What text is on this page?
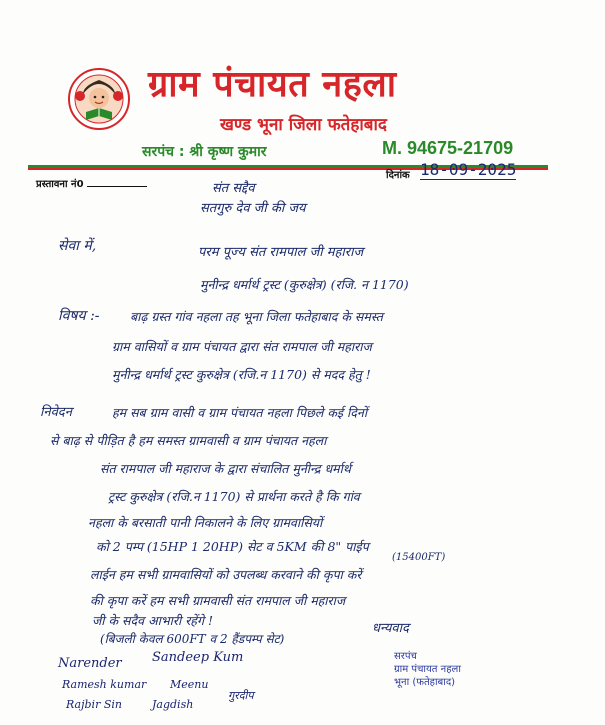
ग्राम पंचायत नहला
खण्ड भूना जिला फतेहाबाद
सरपंच : श्री कृष्ण कुमार	M. 94675-21709
प्रस्तावना नं0
दिनांक 18-09-2025
संत सद्दैव
सतगुरु देव जी की जय
सेवा में,	परम पूज्य संत रामपाल जी महाराज
मुनीन्द्र धर्मार्थ ट्रस्ट (कुरुक्षेत्र) (रजि. न 1170)
विषय :- बाढ़ ग्रस्त गांव नहला तह भूना जिला फतेहाबाद के समस्त
ग्राम वासियों व ग्राम पंचायत द्वारा संत रामपाल जी महाराज
मुनीन्द्र धर्मार्थ ट्रस्ट कुरुक्षेत्र (रजि.न 1170) से मदद हेतु !
निवेदन	हम सब ग्राम वासी व ग्राम पंचायत नहला पिछले कई दिनों
से बाढ़ से पीड़ित है हम समस्त ग्रामवासी व ग्राम पंचायत नहला
संत रामपाल जी महाराज के द्वारा संचालित मुनीन्द्र धर्मार्थ
ट्रस्ट कुरुक्षेत्र (रजि.न 1170) से प्रार्थना करते है कि गांव
नहला के बरसाती पानी निकालने के लिए ग्रामवासियों
को 2 पम्प (15HP 1 20HP) सेट व 5KM की 8" पाईप
(15400FT)
लाईन हम सभी ग्रामवासियों को उपलब्ध करवाने की कृपा करें
की कृपा करें हम सभी ग्रामवासी संत रामपाल जी महाराज
जी के सदैव आभारी रहेंगे !
(बिजली केवल 600FT व 2 हैंडपम्प सेट)
धन्यवाद
सरपंच
ग्राम पंचायत नहला
भूना (फतेहाबाद)
Narender Sandeep Kum
Ramesh kumar Meenu
Rajbir Sin	Jagdish
गुरदीप
